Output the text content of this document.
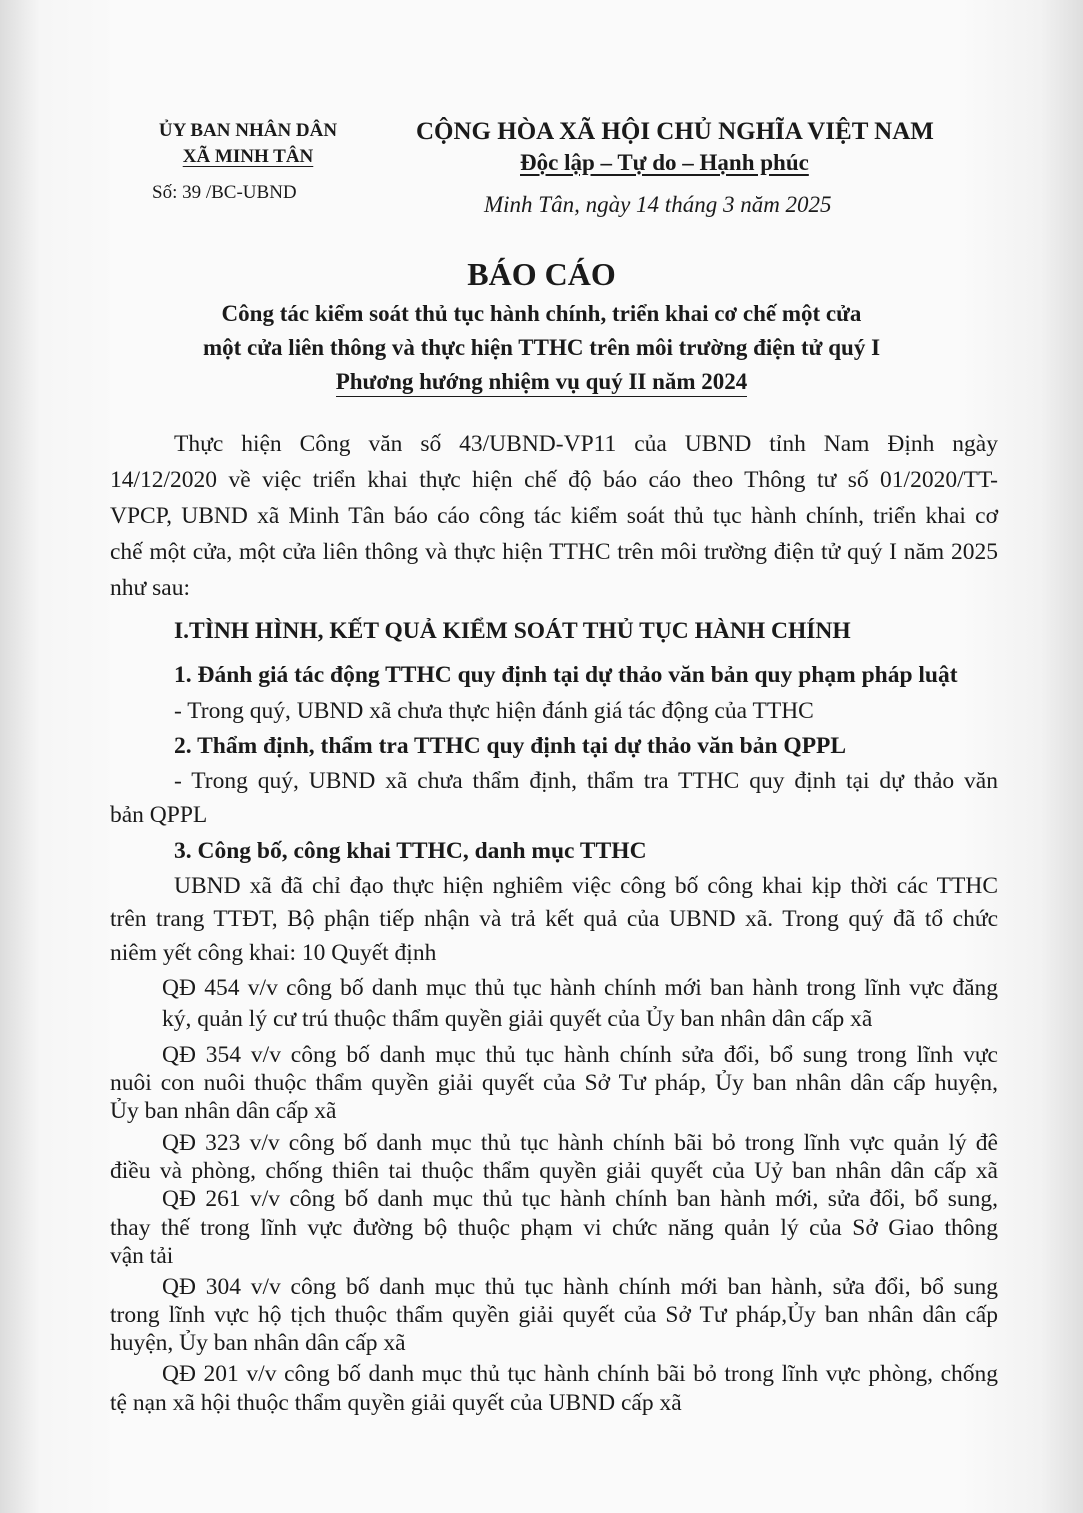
ỦY BAN NHÂN DÂN
XÃ MINH TÂN
Số: 39 /BC-UBND
CỘNG HÒA XÃ HỘI CHỦ NGHĨA VIỆT NAM
Độc lập – Tự do – Hạnh phúc
Minh Tân, ngày 14 tháng 3 năm 2025
BÁO CÁO
Công tác kiểm soát thủ tục hành chính, triển khai cơ chế một cửa
một cửa liên thông và thực hiện TTHC trên môi trường điện tử quý I
Phương hướng nhiệm vụ quý II năm 2024
Thực hiện Công văn số 43/UBND-VP11 của UBND tỉnh Nam Định ngày
14/12/2020 về việc triển khai thực hiện chế độ báo cáo theo Thông tư số 01/2020/TT-
VPCP, UBND xã Minh Tân báo cáo công tác kiểm soát thủ tục hành chính, triển khai cơ
chế một cửa, một cửa liên thông và thực hiện TTHC trên môi trường điện tử quý I năm 2025
như sau:
I.TÌNH HÌNH, KẾT QUẢ KIỂM SOÁT THỦ TỤC HÀNH CHÍNH
1. Đánh giá tác động TTHC quy định tại dự thảo văn bản quy phạm pháp luật
- Trong quý, UBND xã chưa thực hiện đánh giá tác động của TTHC
2. Thẩm định, thẩm tra TTHC quy định tại dự thảo văn bản QPPL
- Trong quý, UBND xã chưa thẩm định, thẩm tra TTHC quy định tại dự thảo văn
bản QPPL
3. Công bố, công khai TTHC, danh mục TTHC
UBND xã đã chỉ đạo thực hiện nghiêm việc công bố công khai kịp thời các TTHC
trên trang TTĐT, Bộ phận tiếp nhận và trả kết quả của UBND xã. Trong quý đã tổ chức
niêm yết công khai: 10 Quyết định
QĐ 454 v/v công bố danh mục thủ tục hành chính mới ban hành trong lĩnh vực đăng
ký, quản lý cư trú thuộc thẩm quyền giải quyết của Ủy ban nhân dân cấp xã
QĐ 354 v/v công bố danh mục thủ tục hành chính sửa đổi, bổ sung trong lĩnh vực
nuôi con nuôi thuộc thẩm quyền giải quyết của Sở Tư pháp, Ủy ban nhân dân cấp huyện,
Ủy ban nhân dân cấp xã
QĐ 323 v/v công bố danh mục thủ tục hành chính bãi bỏ trong lĩnh vực quản lý đê
điều và phòng, chống thiên tai thuộc thẩm quyền giải quyết của Uỷ ban nhân dân cấp xã
QĐ 261 v/v công bố danh mục thủ tục hành chính ban hành mới, sửa đổi, bổ sung,
thay thế trong lĩnh vực đường bộ thuộc phạm vi chức năng quản lý của Sở Giao thông
vận tải
QĐ 304 v/v công bố danh mục thủ tục hành chính mới ban hành, sửa đổi, bổ sung
trong lĩnh vực hộ tịch thuộc thẩm quyền giải quyết của Sở Tư pháp,Ủy ban nhân dân cấp
huyện, Ủy ban nhân dân cấp xã
QĐ 201 v/v công bố danh mục thủ tục hành chính bãi bỏ trong lĩnh vực phòng, chống
tệ nạn xã hội thuộc thẩm quyền giải quyết của UBND cấp xã
